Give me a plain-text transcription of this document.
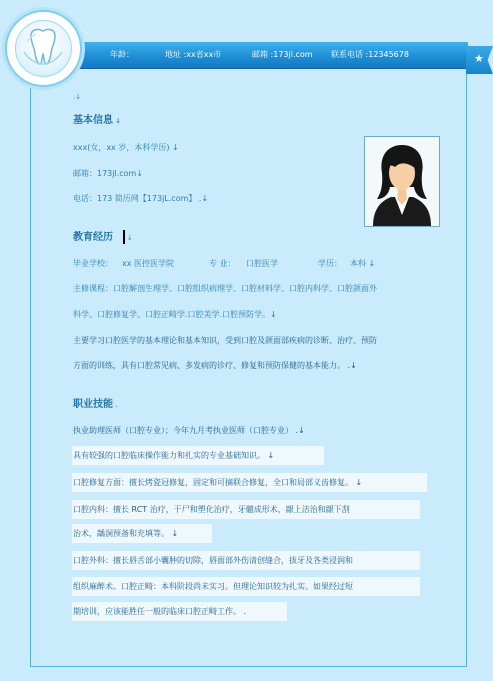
★
年龄：	地址 :xx省xx市	邮箱 :173jl.com 联系电话 :12345678
.↓
基本信息 ↓
xxx(女，xx 岁，本科学历) ↓
邮箱：173jl.com↓
电话：173 简历网【173jL.com】 .↓
教育经历 ↓
毕业学校： xx 医控医学院	专 业： 口腔医学	学历： 本科 ↓
主修课程：口腔解剖生理学、口腔组织病理学、口腔材料学、口腔内科学、口腔颌面外
科学、口腔修复学、口腔正畸学.口腔美学.口腔预防学。↓
主要学习口腔医学的基本理论和基本知识，受到口腔及颌面部疾病的诊断、治疗、预防
方面的训练，具有口腔常见病、多发病的诊疗、修复和预防保健的基本能力。 .↓
职业技能 .
执业助理医师（口腔专业）；今年九月考执业医师（口腔专业） .↓
具有较强的口腔临床操作能力和扎实的专业基础知识。 ↓
口腔修复方面：擅长烤瓷冠修复，固定和可摘联合修复，全口和局部义齿修复。 ↓
口腔内科：擅长 RCT 治疗，干尸和塑化治疗，牙髓成形术，龈上洁治和龈下刮
治术，龋洞预备和充填等。 ↓
口腔外科：擅长唇舌部小囊肿的切除，唇面部外伤清创缝合，拔牙及各类浸润和
组织麻醉术。口腔正畸：本科阶段尚未实习。但理论知识较为扎实。如果经过短
期培训，应该能胜任一般的临床口腔正畸工作。 .
